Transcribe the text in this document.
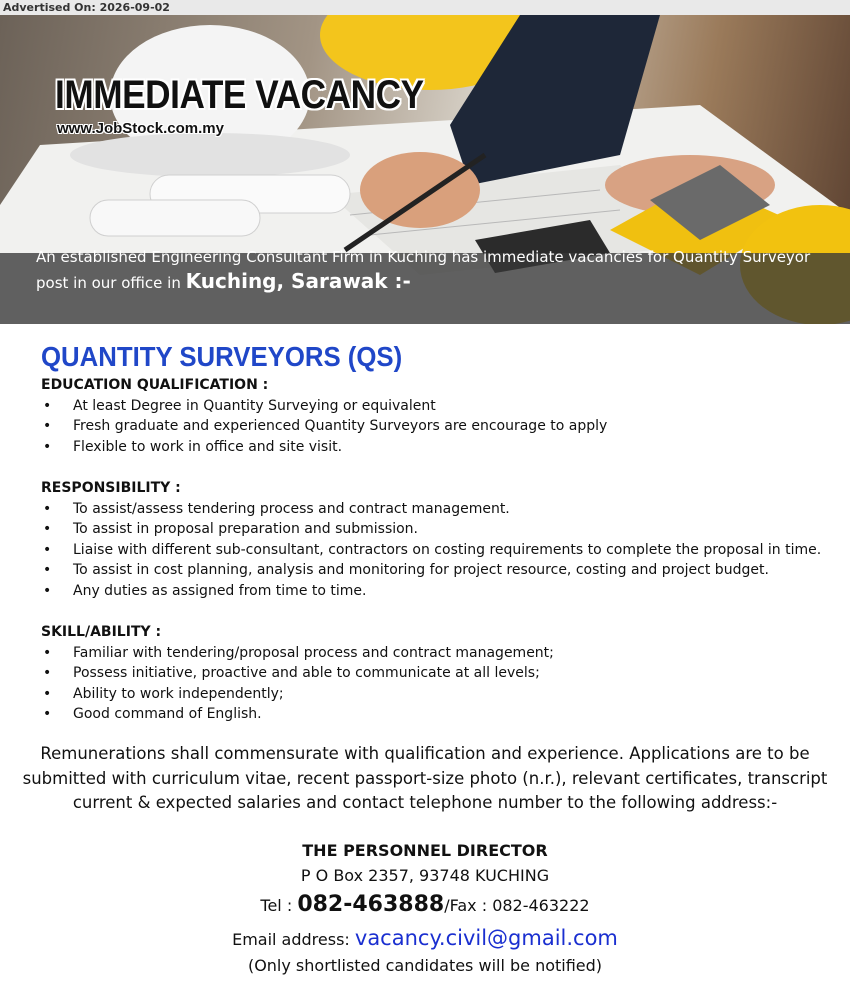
Advertised On: 2026-09-02
IMMEDIATE VACANCY
www.JobStock.com.my
An established Engineering Consultant Firm in Kuching has immediate vacancies for Quantity Surveyor post in our office in Kuching, Sarawak :-
QUANTITY SURVEYORS (QS)
EDUCATION QUALIFICATION :
• At least Degree in Quantity Surveying or equivalent
• Fresh graduate and experienced Quantity Surveyors are encourage to apply
• Flexible to work in office and site visit.
RESPONSIBILITY :
• To assist/assess tendering process and contract management.
• To assist in proposal preparation and submission.
• Liaise with different sub-consultant, contractors on costing requirements to complete the proposal in time.
• To assist in cost planning, analysis and monitoring for project resource, costing and project budget.
• Any duties as assigned from time to time.
SKILL/ABILITY :
• Familiar with tendering/proposal process and contract management;
• Possess initiative, proactive and able to communicate at all levels;
• Ability to work independently;
• Good command of English.
Remunerations shall commensurate with qualification and experience. Applications are to be submitted with curriculum vitae, recent passport-size photo (n.r.), relevant certificates, transcript current & expected salaries and contact telephone number to the following address:-
THE PERSONNEL DIRECTOR
P O Box 2357, 93748 KUCHING
Tel : 082-463888/Fax : 082-463222
Email address: vacancy.civil@gmail.com
(Only shortlisted candidates will be notified)
